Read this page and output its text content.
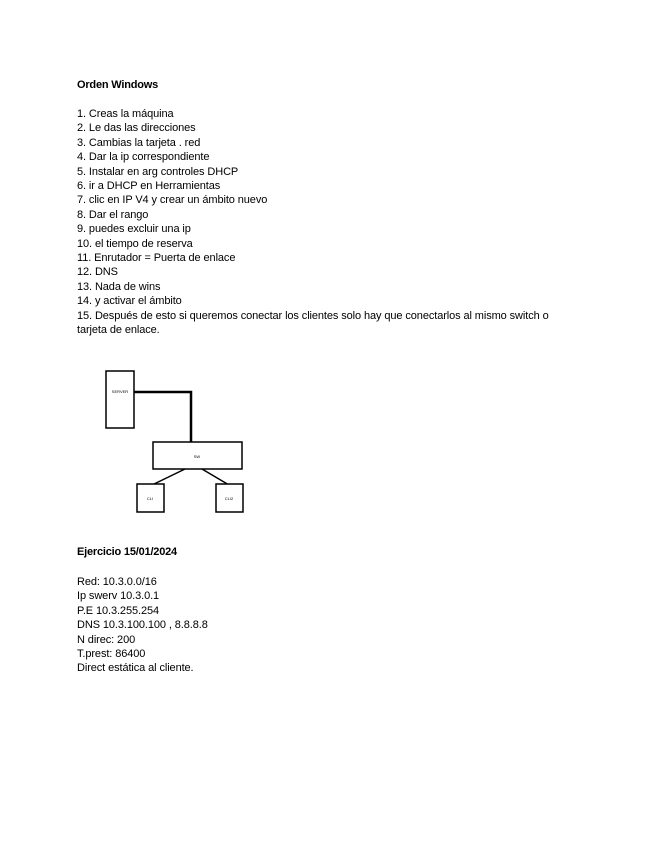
Orden Windows
1. Creas la máquina
2. Le das las direcciones
3. Cambias la tarjeta . red
4. Dar la ip correspondiente
5. Instalar en arg controles DHCP
6. ir a DHCP en Herramientas
7. clic en IP V4 y crear un ámbito nuevo
8. Dar el rango
9. puedes excluir una ip
10. el tiempo de reserva
11. Enrutador = Puerta de enlace
12. DNS
13. Nada de wins
14. y activar el ámbito
15. Después de esto si queremos conectar los clientes solo hay que conectarlos al mismo switch o tarjeta de enlace.
SERVER
SW
CLI	CLI2
Ejercicio 15/01/2024
Red: 10.3.0.0/16
Ip swerv 10.3.0.1
P.E 10.3.255.254
DNS 10.3.100.100 , 8.8.8.8
N direc: 200
T.prest: 86400
Direct estática al cliente.
